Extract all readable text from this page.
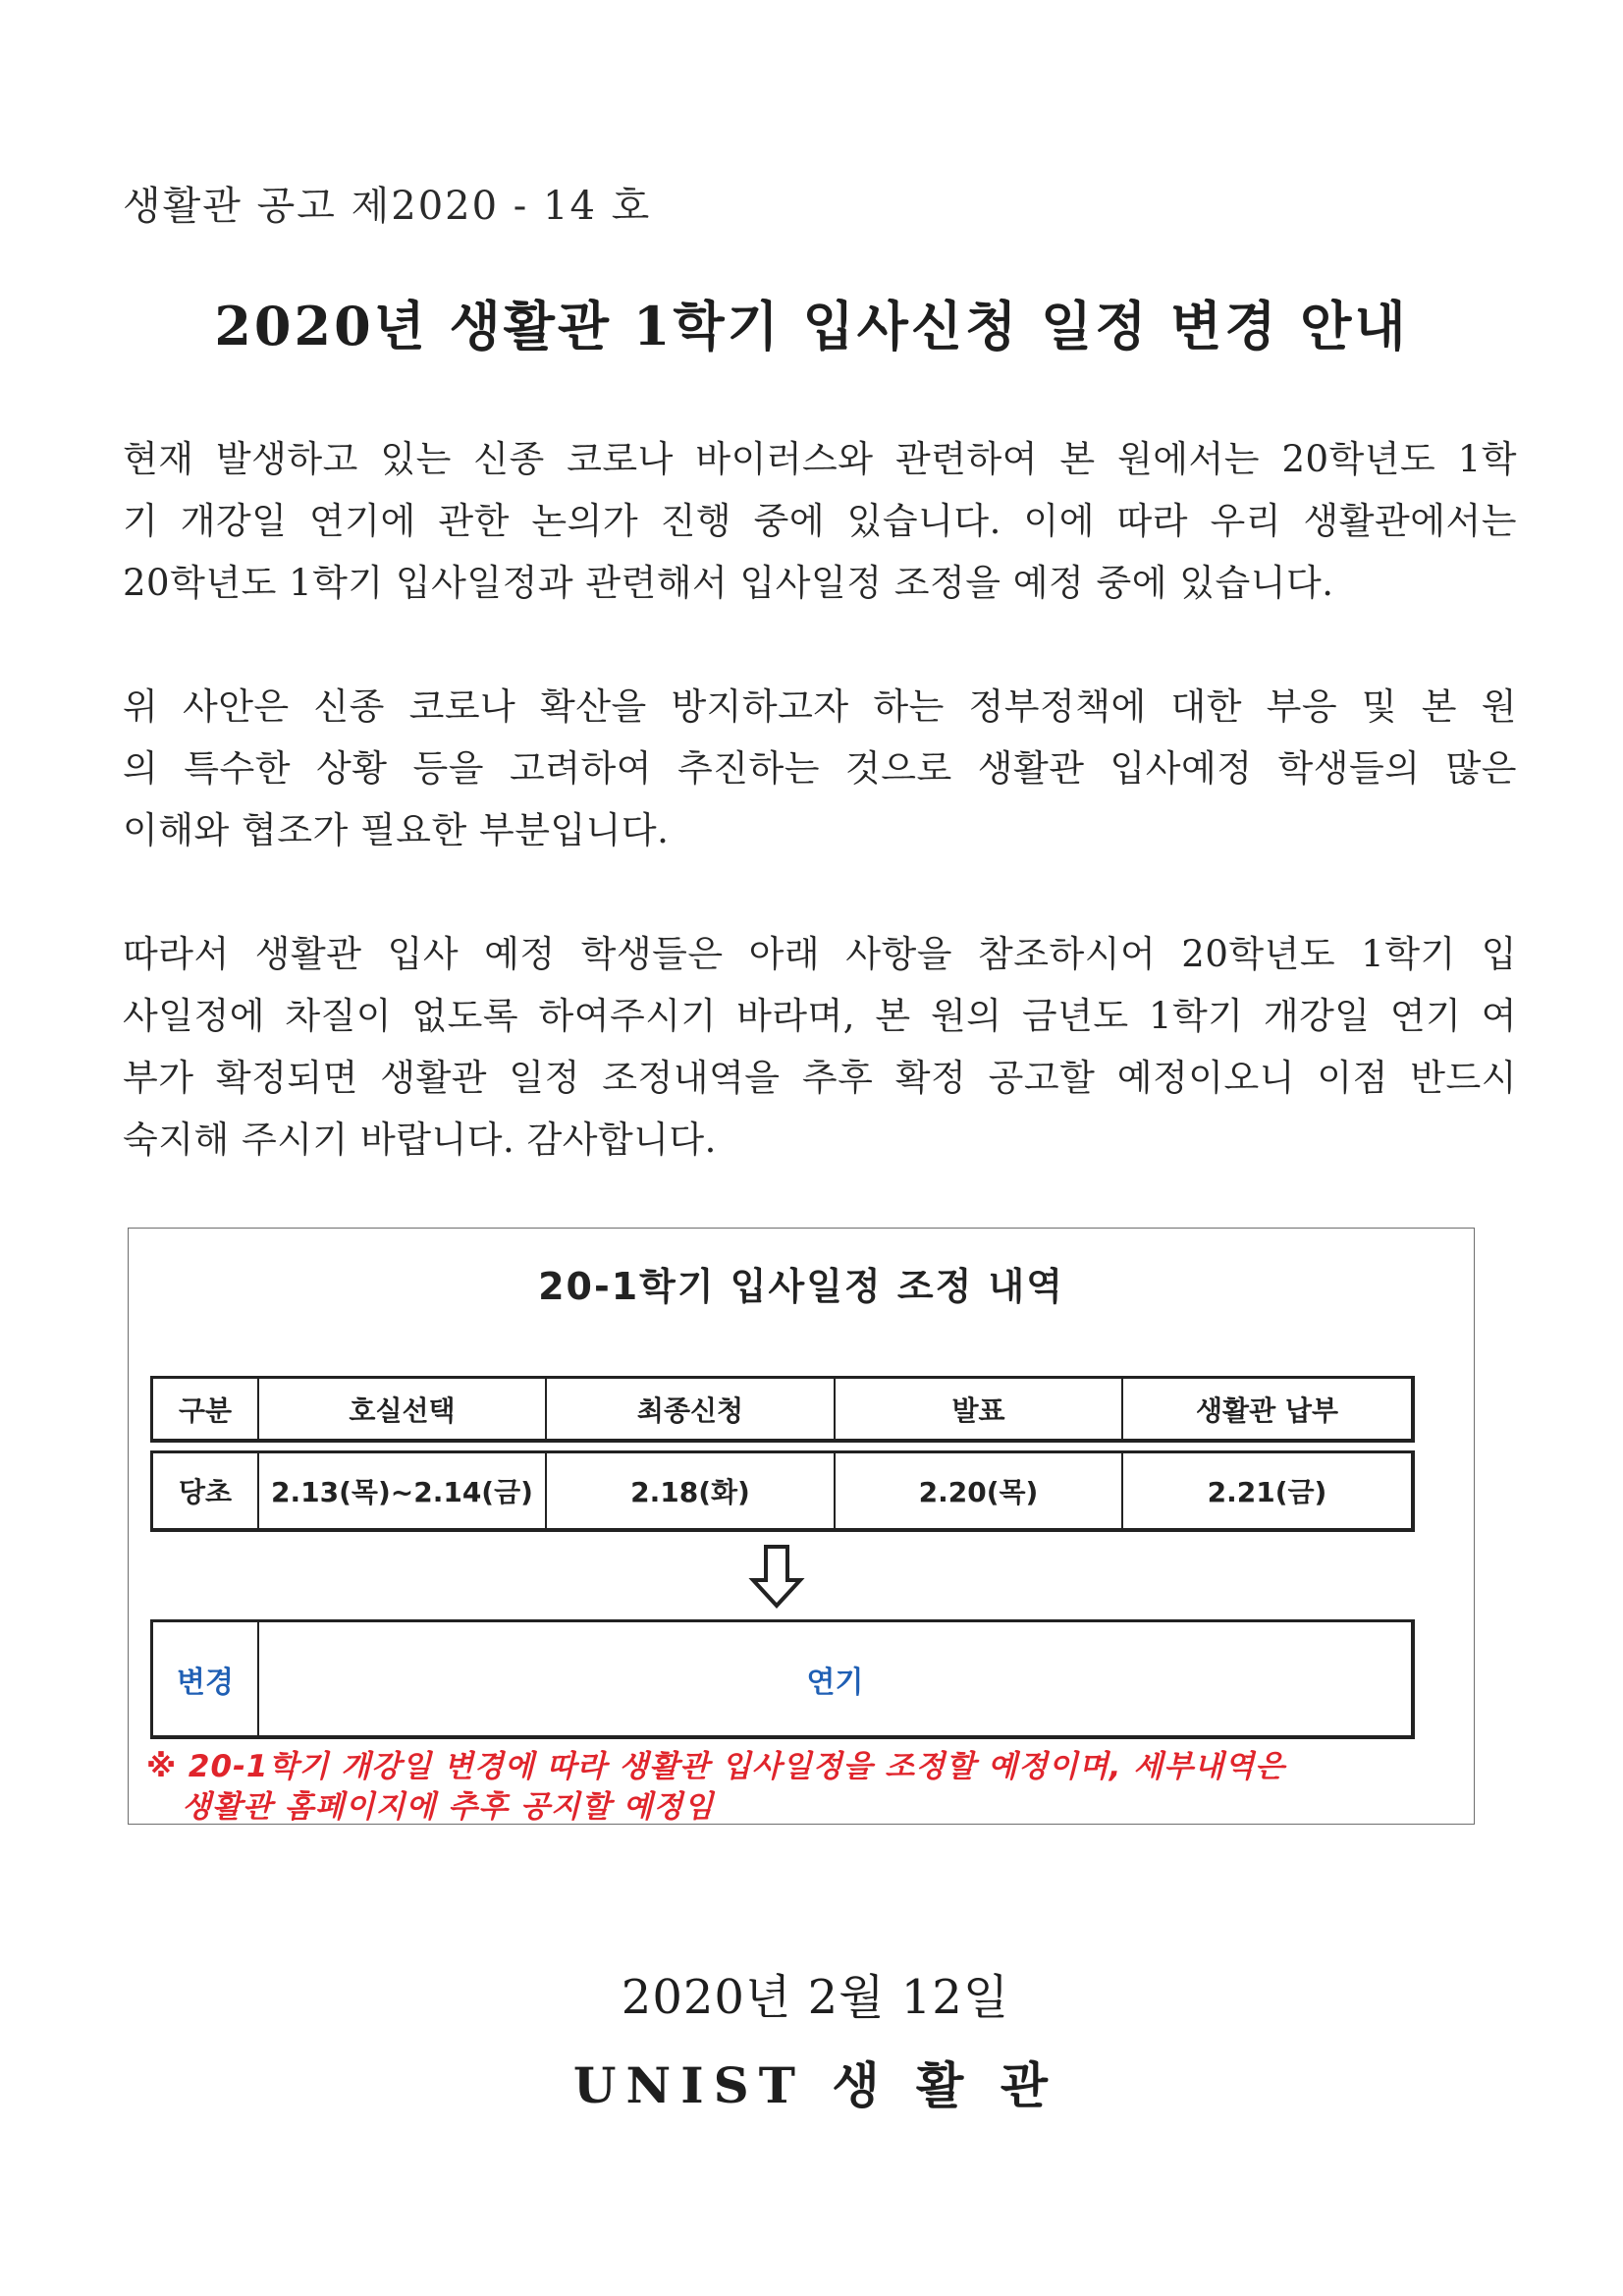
생활관 공고 제2020 - 14 호
2020년 생활관 1학기 입사신청 일정 변경 안내
현재 발생하고 있는 신종 코로나 바이러스와 관련하여 본 원에서는 20학년도 1학
기 개강일 연기에 관한 논의가 진행 중에 있습니다. 이에 따라 우리 생활관에서는
20학년도 1학기 입사일정과 관련해서 입사일정 조정을 예정 중에 있습니다.
위 사안은 신종 코로나 확산을 방지하고자 하는 정부정책에 대한 부응 및 본 원
의 특수한 상황 등을 고려하여 추진하는 것으로 생활관 입사예정 학생들의 많은
이해와 협조가 필요한 부분입니다.
따라서 생활관 입사 예정 학생들은 아래 사항을 참조하시어 20학년도 1학기 입
사일정에 차질이 없도록 하여주시기 바라며, 본 원의 금년도 1학기 개강일 연기 여
부가 확정되면 생활관 일정 조정내역을 추후 확정 공고할 예정이오니 이점 반드시
숙지해 주시기 바랍니다. 감사합니다.
20-1학기 입사일정 조정 내역
구분	호실선택	최종신청	발표	생활관 납부
당초	2.13(목)~2.14(금)	2.18(화)	2.20(목)	2.21(금)
변경	연기
※ 20-1학기 개강일 변경에 따라 생활관 입사일정을 조정할 예정이며, 세부내역은
생활관 홈페이지에 추후 공지할 예정임
2020년 2월 12일
UNIST 생 활 관
